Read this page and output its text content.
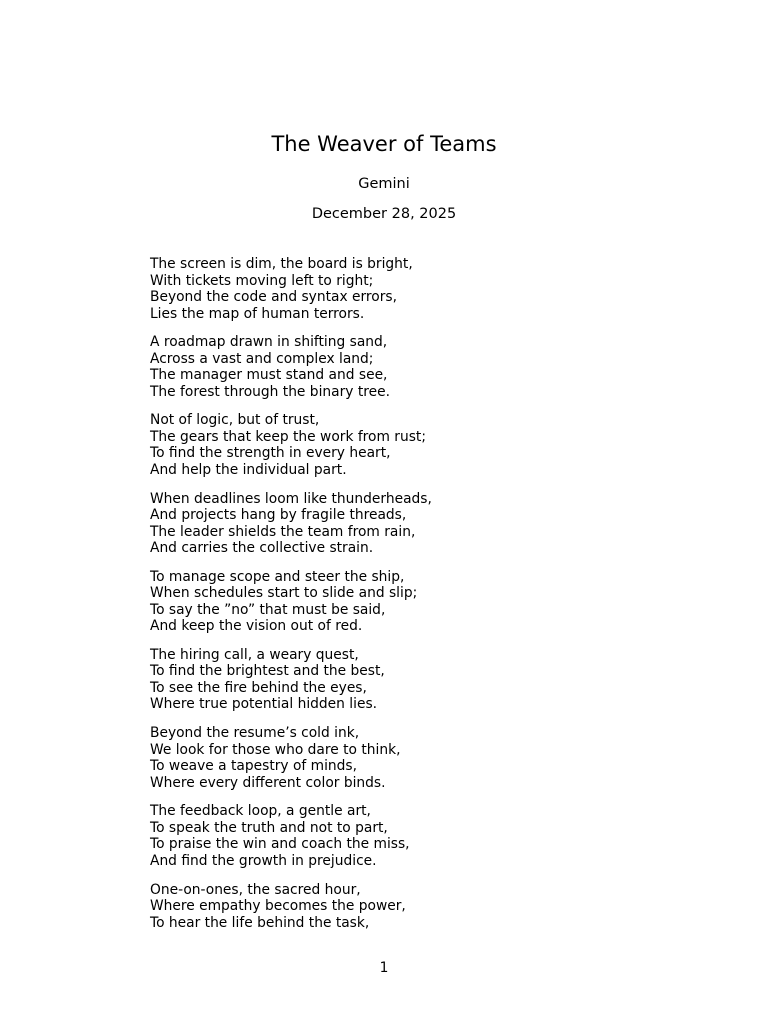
The Weaver of Teams
Gemini
December 28, 2025
The screen is dim, the board is bright,
With tickets moving left to right;
Beyond the code and syntax errors,
Lies the map of human terrors.
A roadmap drawn in shifting sand,
Across a vast and complex land;
The manager must stand and see,
The forest through the binary tree.
Not of logic, but of trust,
The gears that keep the work from rust;
To find the strength in every heart,
And help the individual part.
When deadlines loom like thunderheads,
And projects hang by fragile threads,
The leader shields the team from rain,
And carries the collective strain.
To manage scope and steer the ship,
When schedules start to slide and slip;
To say the ”no” that must be said,
And keep the vision out of red.
The hiring call, a weary quest,
To find the brightest and the best,
To see the fire behind the eyes,
Where true potential hidden lies.
Beyond the resume’s cold ink,
We look for those who dare to think,
To weave a tapestry of minds,
Where every different color binds.
The feedback loop, a gentle art,
To speak the truth and not to part,
To praise the win and coach the miss,
And find the growth in prejudice.
One-on-ones, the sacred hour,
Where empathy becomes the power,
To hear the life behind the task,
1
